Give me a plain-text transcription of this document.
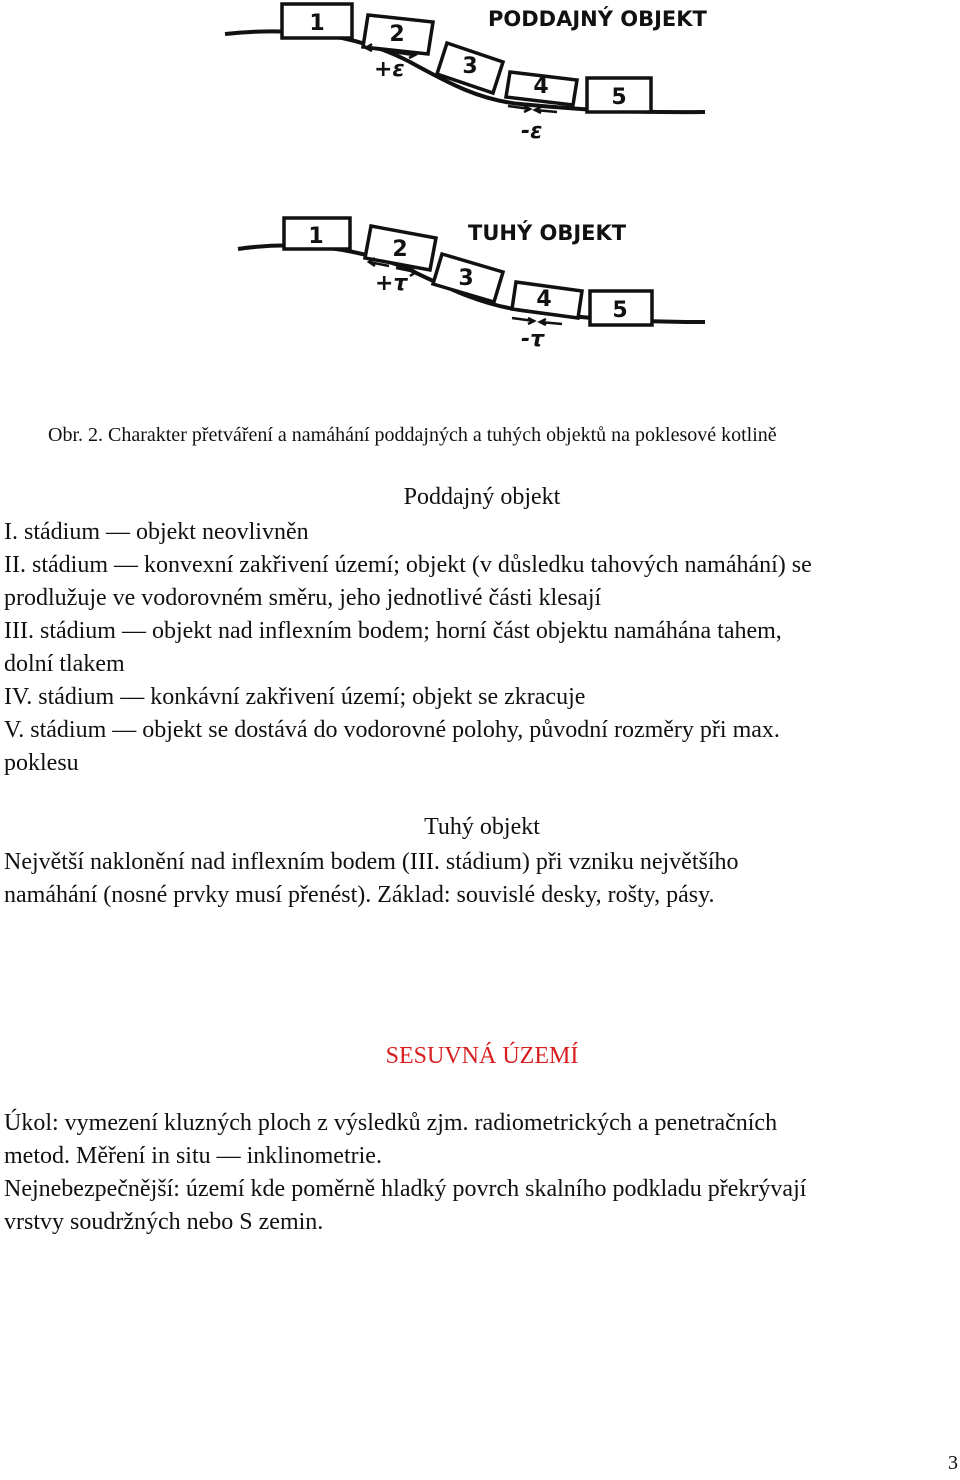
1	2
3
4	5
PODDAJNÝ OBJEKT
+ε
-ε
1
2
3
4	5
TUHÝ OBJEKT
+τ
-τ
Obr. 2. Charakter přetváření a namáhání poddajných a tuhých objektů na poklesové kotlině
Poddajný objekt
I. stádium — objekt neovlivněn
II. stádium — konvexní zakřivení území; objekt (v důsledku tahových namáhání) se
prodlužuje ve vodorovném směru, jeho jednotlivé části klesají
III. stádium — objekt nad inflexním bodem; horní část objektu namáhána tahem,
dolní tlakem
IV. stádium — konkávní zakřivení území; objekt se zkracuje
V. stádium — objekt se dostává do vodorovné polohy, původní rozměry při max.
poklesu
Tuhý objekt
Největší naklonění nad inflexním bodem (III. stádium) při vzniku největšího
namáhání (nosné prvky musí přenést). Základ: souvislé desky, rošty, pásy.
SESUVNÁ ÚZEMÍ
Úkol: vymezení kluzných ploch z výsledků zjm. radiometrických a penetračních
metod. Měření in situ — inklinometrie.
Nejnebezpečnější: území kde poměrně hladký povrch skalního podkladu překrývají
vrstvy soudržných nebo S zemin.
3
